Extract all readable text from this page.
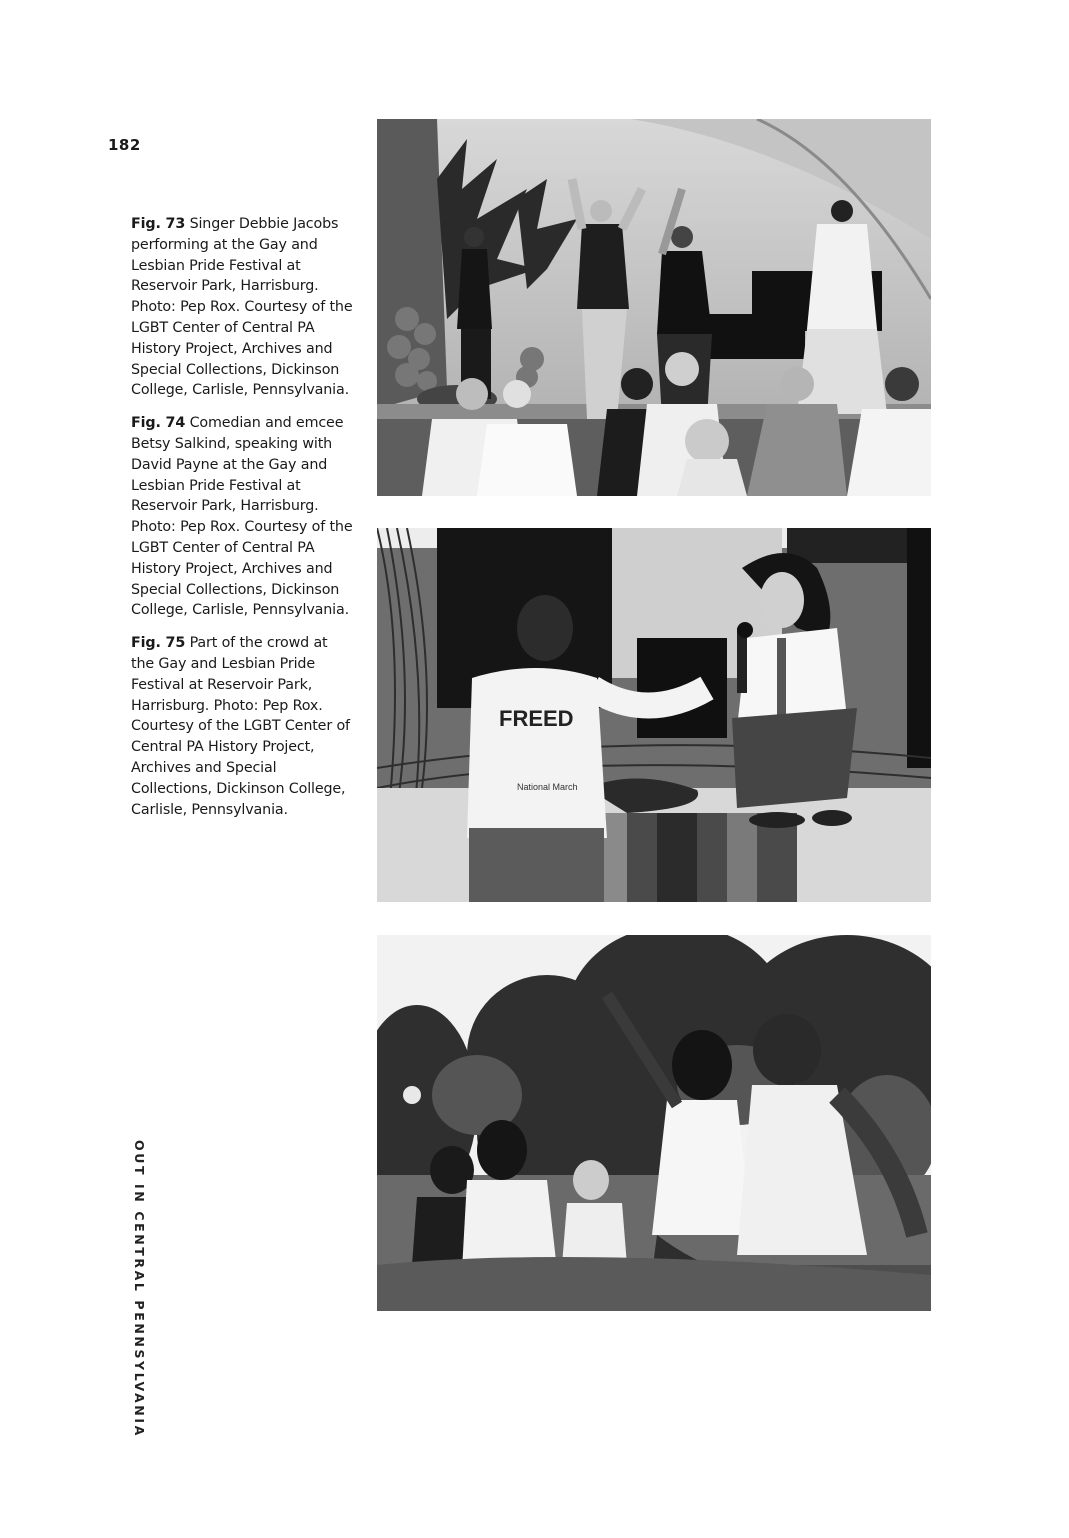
182

Fig. 73 Singer Debbie Jacobs performing at the Gay and Lesbian Pride Festival at Reservoir Park, Harrisburg. Photo: Pep Rox. Courtesy of the LGBT Center of Central PA History Project, Archives and Special Collections, Dickinson College, Carlisle, Pennsylvania.

Fig. 74 Comedian and emcee Betsy Salkind, speaking with David Payne at the Gay and Lesbian Pride Festival at Reservoir Park, Harrisburg. Photo: Pep Rox. Courtesy of the LGBT Center of Central PA History Project, Archives and Special Collections, Dickinson College, Carlisle, Pennsylvania.

Fig. 75 Part of the crowd at the Gay and Lesbian Pride Festival at Reservoir Park, Harrisburg. Photo: Pep Rox. Courtesy of the LGBT Center of Central PA History Project, Archives and Special Collections, Dickinson College, Carlisle, Pennsylvania.

OUT IN CENTRAL PENNSYLVANIA
FREED
National March
